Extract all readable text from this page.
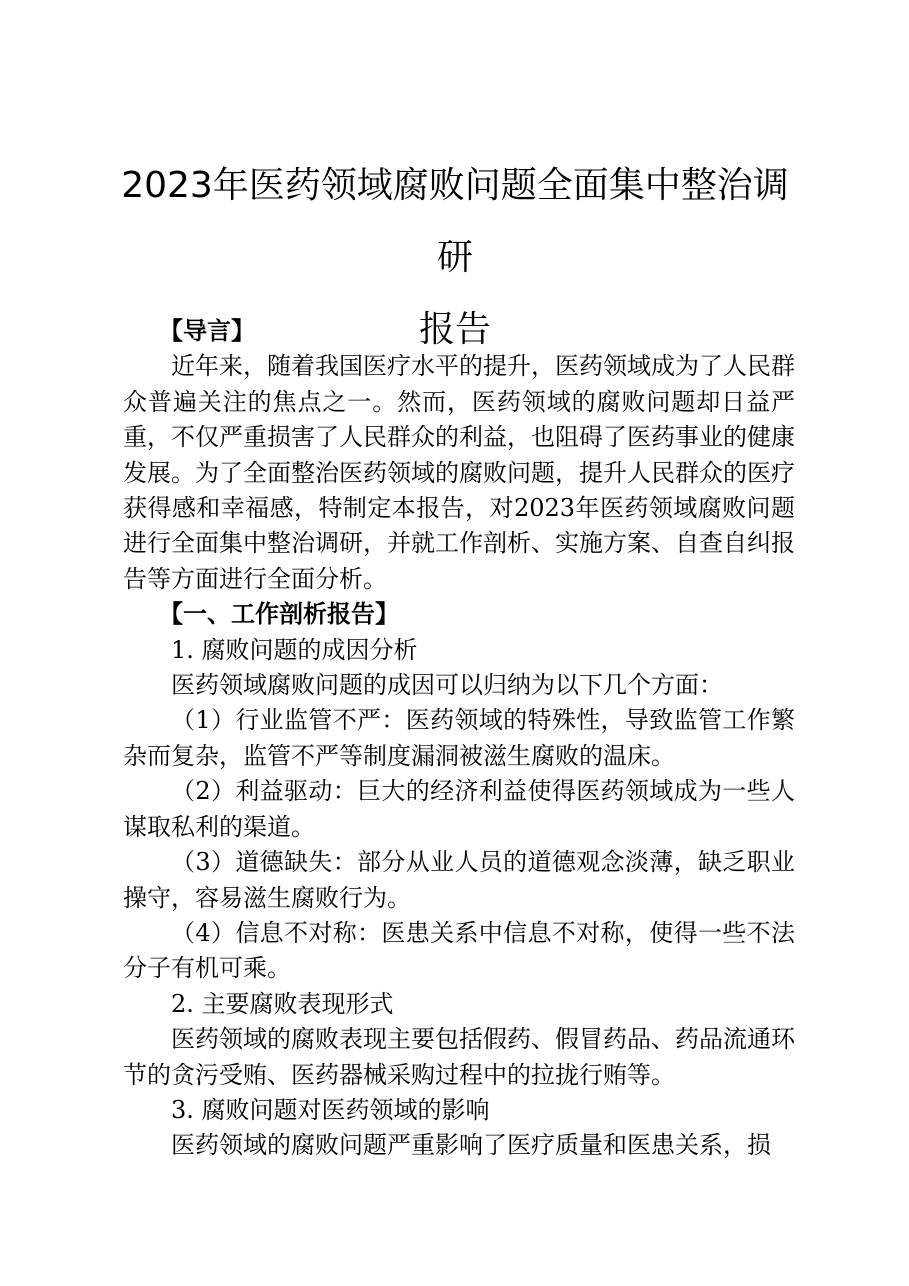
2023年医药领域腐败问题全面集中整治调研
报告

【导言】

近年来，随着我国医疗水平的提升，医药领域成为了人民群众普遍关注的焦点之一。然而，医药领域的腐败问题却日益严重，不仅严重损害了人民群众的利益，也阻碍了医药事业的健康发展。为了全面整治医药领域的腐败问题，提升人民群众的医疗获得感和幸福感，特制定本报告，对2023年医药领域腐败问题进行全面集中整治调研，并就工作剖析、实施方案、自查自纠报告等方面进行全面分析。

【一、工作剖析报告】

1. 腐败问题的成因分析

医药领域腐败问题的成因可以归纳为以下几个方面：

（1）行业监管不严：医药领域的特殊性，导致监管工作繁杂而复杂，监管不严等制度漏洞被滋生腐败的温床。

（2）利益驱动：巨大的经济利益使得医药领域成为一些人谋取私利的渠道。

（3）道德缺失：部分从业人员的道德观念淡薄，缺乏职业操守，容易滋生腐败行为。

（4）信息不对称：医患关系中信息不对称，使得一些不法分子有机可乘。

2. 主要腐败表现形式

医药领域的腐败表现主要包括假药、假冒药品、药品流通环节的贪污受贿、医药器械采购过程中的拉拢行贿等。

3. 腐败问题对医药领域的影响

医药领域的腐败问题严重影响了医疗质量和医患关系，损
